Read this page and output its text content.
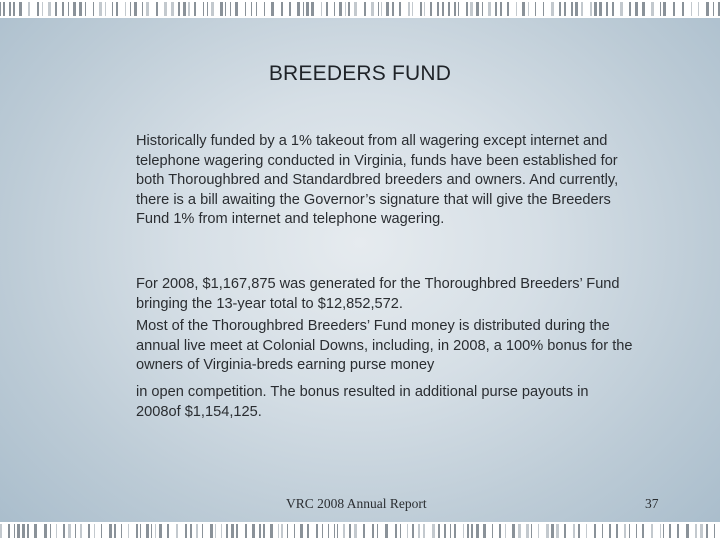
BREEDERS FUND

Historically funded by a 1% takeout from all wagering except internet and telephone wagering conducted in Virginia, funds have been established for both Thoroughbred and Standardbred breeders and owners. And currently, there is a bill awaiting the Governor’s signature that will give the Breeders Fund 1% from internet and telephone wagering.

For 2008, $1,167,875 was generated for the Thoroughbred Breeders’ Fund bringing the 13-year total to $12,852,572.

Most of the Thoroughbred Breeders’ Fund money is distributed during the annual live meet at Colonial Downs, including, in 2008, a 100% bonus for the owners of Virginia-breds earning purse money

in open competition. The bonus resulted in additional purse payouts in 2008of $1,154,125.

VRC 2008 Annual Report	37
